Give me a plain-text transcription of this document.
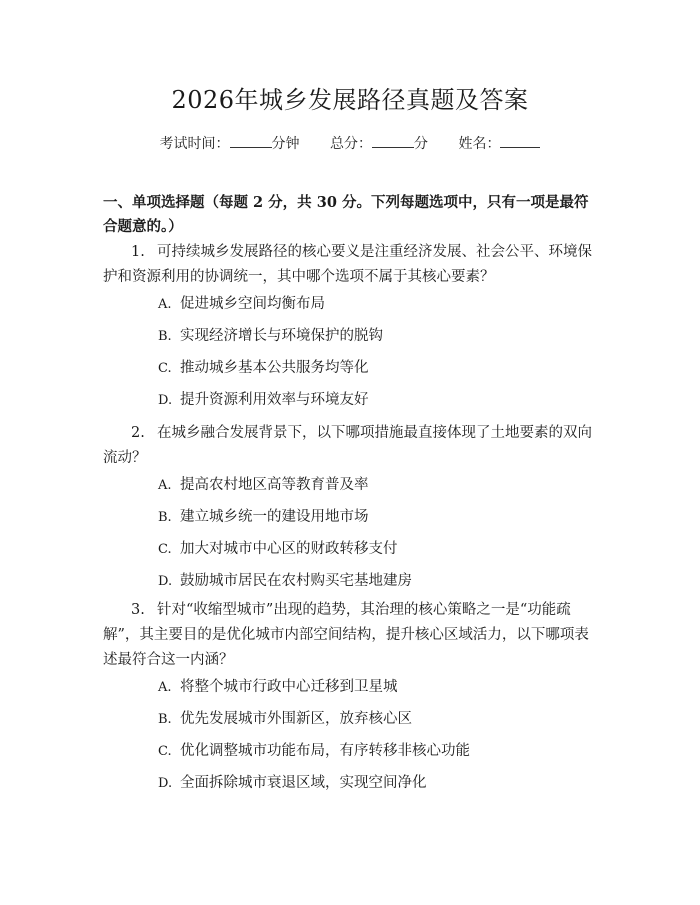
2026年城乡发展路径真题及答案
考试时间：	分钟 总分：	分 姓名：
一、单项选择题（每题 2 分，共 30 分。下列每题选项中，只有一项是最符合题意的。）
1. 可持续城乡发展路径的核心要义是注重经济发展、社会公平、环境保护和资源利用的协调统一，其中哪个选项不属于其核心要素？
A. 促进城乡空间均衡布局
B. 实现经济增长与环境保护的脱钩
C. 推动城乡基本公共服务均等化
D. 提升资源利用效率与环境友好
2. 在城乡融合发展背景下，以下哪项措施最直接体现了土地要素的双向流动？
A. 提高农村地区高等教育普及率
B. 建立城乡统一的建设用地市场
C. 加大对城市中心区的财政转移支付
D. 鼓励城市居民在农村购买宅基地建房
3. 针对“收缩型城市”出现的趋势，其治理的核心策略之一是“功能疏解”，其主要目的是优化城市内部空间结构，提升核心区域活力，以下哪项表述最符合这一内涵？
A. 将整个城市行政中心迁移到卫星城
B. 优先发展城市外围新区，放弃核心区
C. 优化调整城市功能布局，有序转移非核心功能
D. 全面拆除城市衰退区域，实现空间净化
